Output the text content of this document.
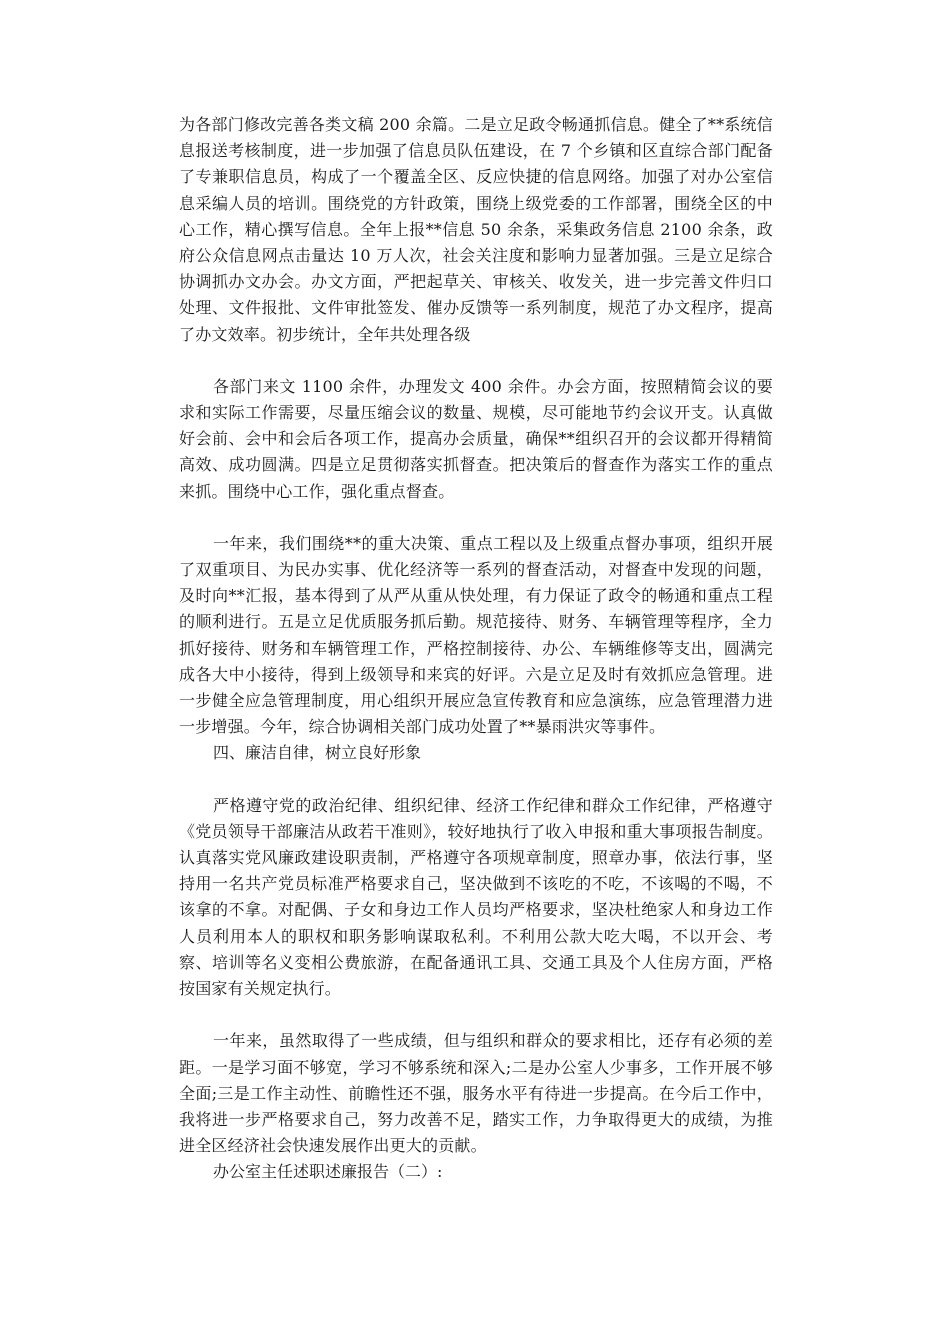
为各部门修改完善各类文稿 200 余篇。二是立足政令畅通抓信息。健全了**系统信息报送考核制度，进一步加强了信息员队伍建设，在 7 个乡镇和区直综合部门配备了专兼职信息员，构成了一个覆盖全区、反应快捷的信息网络。加强了对办公室信息采编人员的培训。围绕党的方针政策，围绕上级党委的工作部署，围绕全区的中心工作，精心撰写信息。全年上报**信息 50 余条，采集政务信息 2100 余条，政府公众信息网点击量达 10 万人次，社会关注度和影响力显著加强。三是立足综合协调抓办文办会。办文方面，严把起草关、审核关、收发关，进一步完善文件归口处理、文件报批、文件审批签发、催办反馈等一系列制度，规范了办文程序，提高了办文效率。初步统计，全年共处理各级

各部门来文 1100 余件，办理发文 400 余件。办会方面，按照精简会议的要求和实际工作需要，尽量压缩会议的数量、规模，尽可能地节约会议开支。认真做好会前、会中和会后各项工作，提高办会质量，确保**组织召开的会议都开得精简高效、成功圆满。四是立足贯彻落实抓督查。把决策后的督查作为落实工作的重点来抓。围绕中心工作，强化重点督查。

一年来，我们围绕**的重大决策、重点工程以及上级重点督办事项，组织开展了双重项目、为民办实事、优化经济等一系列的督查活动，对督查中发现的问题，及时向**汇报，基本得到了从严从重从快处理，有力保证了政令的畅通和重点工程的顺利进行。五是立足优质服务抓后勤。规范接待、财务、车辆管理等程序，全力抓好接待、财务和车辆管理工作，严格控制接待、办公、车辆维修等支出，圆满完成各大中小接待，得到上级领导和来宾的好评。六是立足及时有效抓应急管理。进一步健全应急管理制度，用心组织开展应急宣传教育和应急演练，应急管理潜力进一步增强。今年，综合协调相关部门成功处置了**暴雨洪灾等事件。

四、廉洁自律，树立良好形象

严格遵守党的政治纪律、组织纪律、经济工作纪律和群众工作纪律，严格遵守《党员领导干部廉洁从政若干准则》，较好地执行了收入申报和重大事项报告制度。认真落实党风廉政建设职责制，严格遵守各项规章制度，照章办事，依法行事，坚持用一名共产党员标准严格要求自己，坚决做到不该吃的不吃，不该喝的不喝，不该拿的不拿。对配偶、子女和身边工作人员均严格要求，坚决杜绝家人和身边工作人员利用本人的职权和职务影响谋取私利。不利用公款大吃大喝，不以开会、考察、培训等名义变相公费旅游，在配备通讯工具、交通工具及个人住房方面，严格按国家有关规定执行。

一年来，虽然取得了一些成绩，但与组织和群众的要求相比，还存有必须的差距。一是学习面不够宽，学习不够系统和深入;二是办公室人少事多，工作开展不够全面;三是工作主动性、前瞻性还不强，服务水平有待进一步提高。在今后工作中，我将进一步严格要求自己，努力改善不足，踏实工作，力争取得更大的成绩，为推进全区经济社会快速发展作出更大的贡献。

办公室主任述职述廉报告（二）:
